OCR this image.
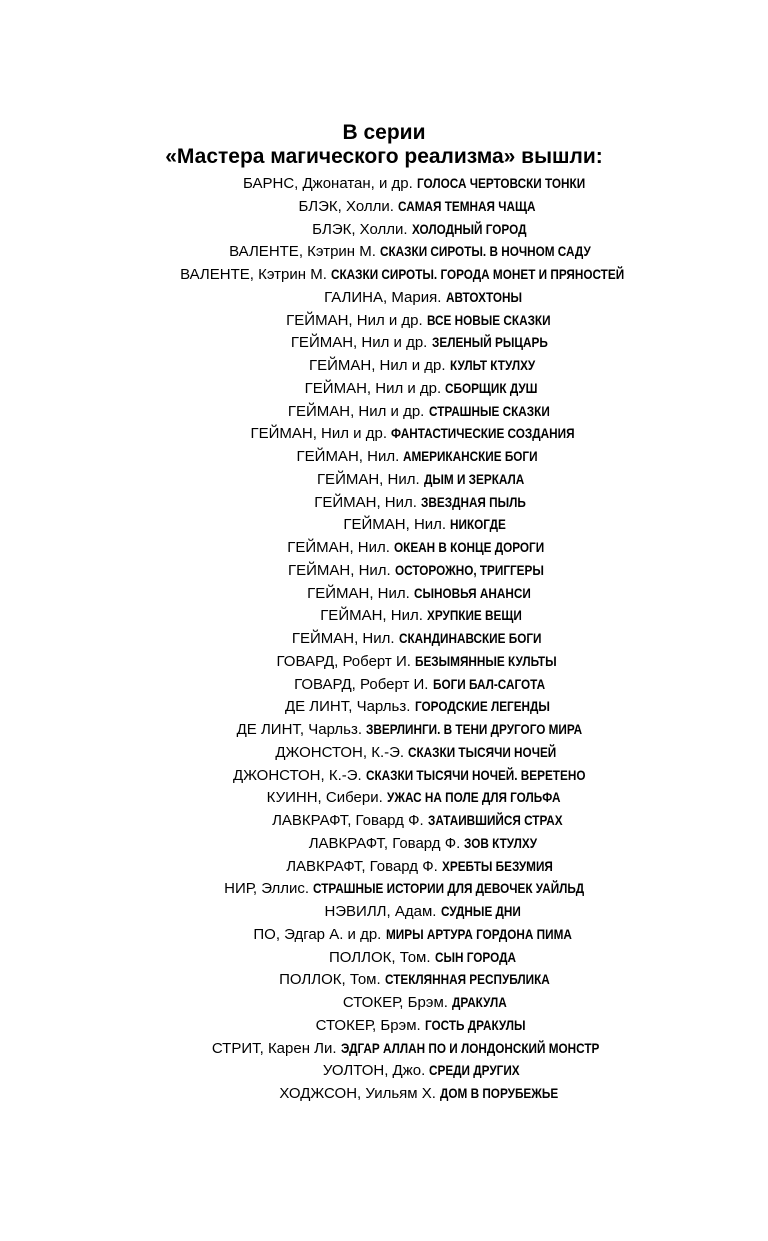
В серии
«Мастера магического реализма» вышли:
БАРНС, Джонатан, и др. ГОЛОСА ЧЕРТОВСКИ ТОНКИ
БЛЭК, Холли. САМАЯ ТЕМНАЯ ЧАЩА
БЛЭК, Холли. ХОЛОДНЫЙ ГОРОД
ВАЛЕНТЕ, Кэтрин М. СКАЗКИ СИРОТЫ. В НОЧНОМ САДУ
ВАЛЕНТЕ, Кэтрин М. СКАЗКИ СИРОТЫ. ГОРОДА МОНЕТ И ПРЯНОСТЕЙ
ГАЛИНА, Мария. АВТОХТОНЫ
ГЕЙМАН, Нил и др. ВСЕ НОВЫЕ СКАЗКИ
ГЕЙМАН, Нил и др. ЗЕЛЕНЫЙ РЫЦАРЬ
ГЕЙМАН, Нил и др. КУЛЬТ КТУЛХУ
ГЕЙМАН, Нил и др. СБОРЩИК ДУШ
ГЕЙМАН, Нил и др. СТРАШНЫЕ СКАЗКИ
ГЕЙМАН, Нил и др. ФАНТАСТИЧЕСКИЕ СОЗДАНИЯ
ГЕЙМАН, Нил. АМЕРИКАНСКИЕ БОГИ
ГЕЙМАН, Нил. ДЫМ И ЗЕРКАЛА
ГЕЙМАН, Нил. ЗВЕЗДНАЯ ПЫЛЬ
ГЕЙМАН, Нил. НИКОГДЕ
ГЕЙМАН, Нил. ОКЕАН В КОНЦЕ ДОРОГИ
ГЕЙМАН, Нил. ОСТОРОЖНО, ТРИГГЕРЫ
ГЕЙМАН, Нил. СЫНОВЬЯ АНАНСИ
ГЕЙМАН, Нил. ХРУПКИЕ ВЕЩИ
ГЕЙМАН, Нил. СКАНДИНАВСКИЕ БОГИ
ГОВАРД, Роберт И. БЕЗЫМЯННЫЕ КУЛЬТЫ
ГОВАРД, Роберт И. БОГИ БАЛ-САГОТА
ДЕ ЛИНТ, Чарльз. ГОРОДСКИЕ ЛЕГЕНДЫ
ДЕ ЛИНТ, Чарльз. ЗВЕРЛИНГИ. В ТЕНИ ДРУГОГО МИРА
ДЖОНСТОН, К.-Э. СКАЗКИ ТЫСЯЧИ НОЧЕЙ
ДЖОНСТОН, К.-Э. СКАЗКИ ТЫСЯЧИ НОЧЕЙ. ВЕРЕТЕНО
КУИНН, Сибери. УЖАС НА ПОЛЕ ДЛЯ ГОЛЬФА
ЛАВКРАФТ, Говард Ф. ЗАТАИВШИЙСЯ СТРАХ
ЛАВКРАФТ, Говард Ф. ЗОВ КТУЛХУ
ЛАВКРАФТ, Говард Ф. ХРЕБТЫ БЕЗУМИЯ
НИР, Эллис. СТРАШНЫЕ ИСТОРИИ ДЛЯ ДЕВОЧЕК УАЙЛЬД
НЭВИЛЛ, Адам. СУДНЫЕ ДНИ
ПО, Эдгар А. и др. МИРЫ АРТУРА ГОРДОНА ПИМА
ПОЛЛОК, Том. СЫН ГОРОДА
ПОЛЛОК, Том. СТЕКЛЯННАЯ РЕСПУБЛИКА
СТОКЕР, Брэм. ДРАКУЛА
СТОКЕР, Брэм. ГОСТЬ ДРАКУЛЫ
СТРИТ, Карен Ли. ЭДГАР АЛЛАН ПО И ЛОНДОНСКИЙ МОНСТР
УОЛТОН, Джо. СРЕДИ ДРУГИХ
ХОДЖСОН, Уильям Х. ДОМ В ПОРУБЕЖЬЕ
